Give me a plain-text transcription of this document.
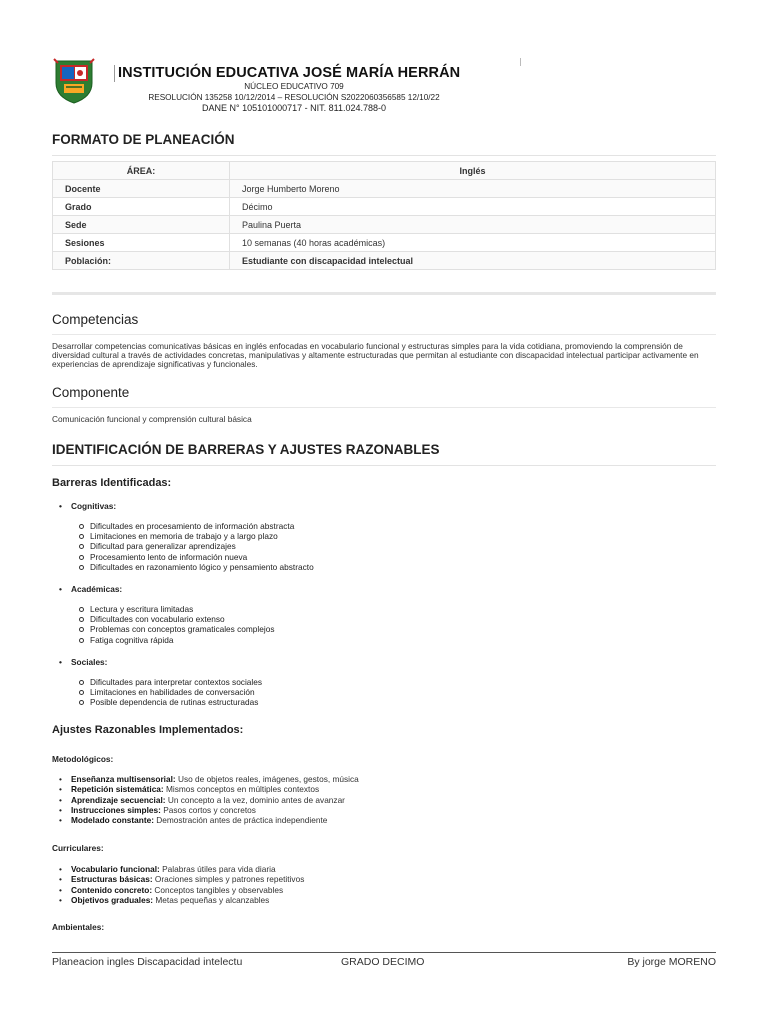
INSTITUCIÓN EDUCATIVA JOSÉ MARÍA HERRÁN
NÚCLEO EDUCATIVO 709
RESOLUCIÓN 135258 10/12/2014 – RESOLUCIÓN S2022060356585 12/10/22
DANE N° 105101000717 - NIT. 811.024.788-0
FORMATO DE PLANEACIÓN
ÁREA:	Inglés
Docente	Jorge Humberto Moreno
Grado	Décimo
Sede	Paulina Puerta
Sesiones	10 semanas (40 horas académicas)
Población:	Estudiante con discapacidad intelectual
Competencias

Desarrollar competencias comunicativas básicas en inglés enfocadas en vocabulario funcional y estructuras simples para la vida cotidiana, promoviendo la comprensión de diversidad cultural a través de actividades concretas, manipulativas y altamente estructuradas que permitan al estudiante con discapacidad intelectual participar activamente en experiencias de aprendizaje significativas y funcionales.

Componente

Comunicación funcional y comprensión cultural básica

IDENTIFICACIÓN DE BARRERAS Y AJUSTES RAZONABLES
Barreras Identificadas:
• Cognitivas:
Dificultades en procesamiento de información abstracta
Limitaciones en memoria de trabajo y a largo plazo
Dificultad para generalizar aprendizajes
Procesamiento lento de información nueva
Dificultades en razonamiento lógico y pensamiento abstracto
• Académicas:
Lectura y escritura limitadas
Dificultades con vocabulario extenso
Problemas con conceptos gramaticales complejos
Fatiga cognitiva rápida
• Sociales:
Dificultades para interpretar contextos sociales
Limitaciones en habilidades de conversación
Posible dependencia de rutinas estructuradas
Ajustes Razonables Implementados:
Metodológicos:
• Enseñanza multisensorial: Uso de objetos reales, imágenes, gestos, música
• Repetición sistemática: Mismos conceptos en múltiples contextos
• Aprendizaje secuencial: Un concepto a la vez, dominio antes de avanzar
• Instrucciones simples: Pasos cortos y concretos
• Modelado constante: Demostración antes de práctica independiente
Curriculares:
• Vocabulario funcional: Palabras útiles para vida diaria
• Estructuras básicas: Oraciones simples y patrones repetitivos
• Contenido concreto: Conceptos tangibles y observables
• Objetivos graduales: Metas pequeñas y alcanzables
Ambientales:
Planeacion ingles Discapacidad intelectu	GRADO DECIMO	By jorge MORENO
